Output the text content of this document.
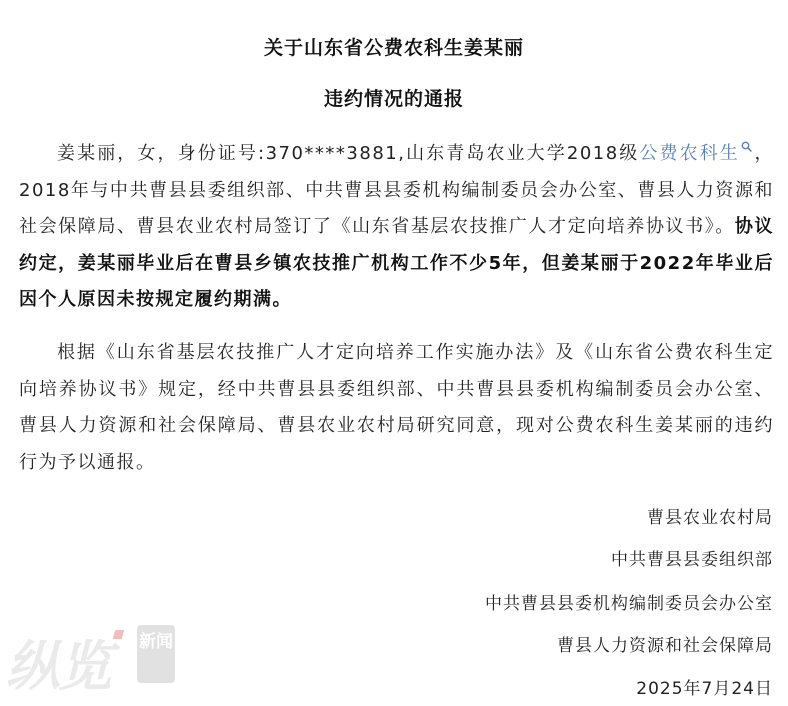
关于山东省公费农科生姜某丽
违约情况的通报

姜某丽，女，身份证号:370****3881,山东青岛农业大学2018级公费农科生 ，2018年与中共曹县县委组织部、中共曹县县委机构编制委员会办公室、曹县人力资源和社会保障局、曹县农业农村局签订了《山东省基层农技推广人才定向培养协议书》。协议约定，姜某丽毕业后在曹县乡镇农技推广机构工作不少5年，但姜某丽于2022年毕业后因个人原因未按规定履约期满。

根据《山东省基层农技推广人才定向培养工作实施办法》及《山东省公费农科生定向培养协议书》规定，经中共曹县县委组织部、中共曹县县委机构编制委员会办公室、曹县人力资源和社会保障局、曹县农业农村局研究同意，现对公费农科生姜某丽的违约行为予以通报。

曹县农业农村局
中共曹县县委组织部
中共曹县县委机构编制委员会办公室
曹县人力资源和社会保障局
2025年7月24日
纵览 新闻
